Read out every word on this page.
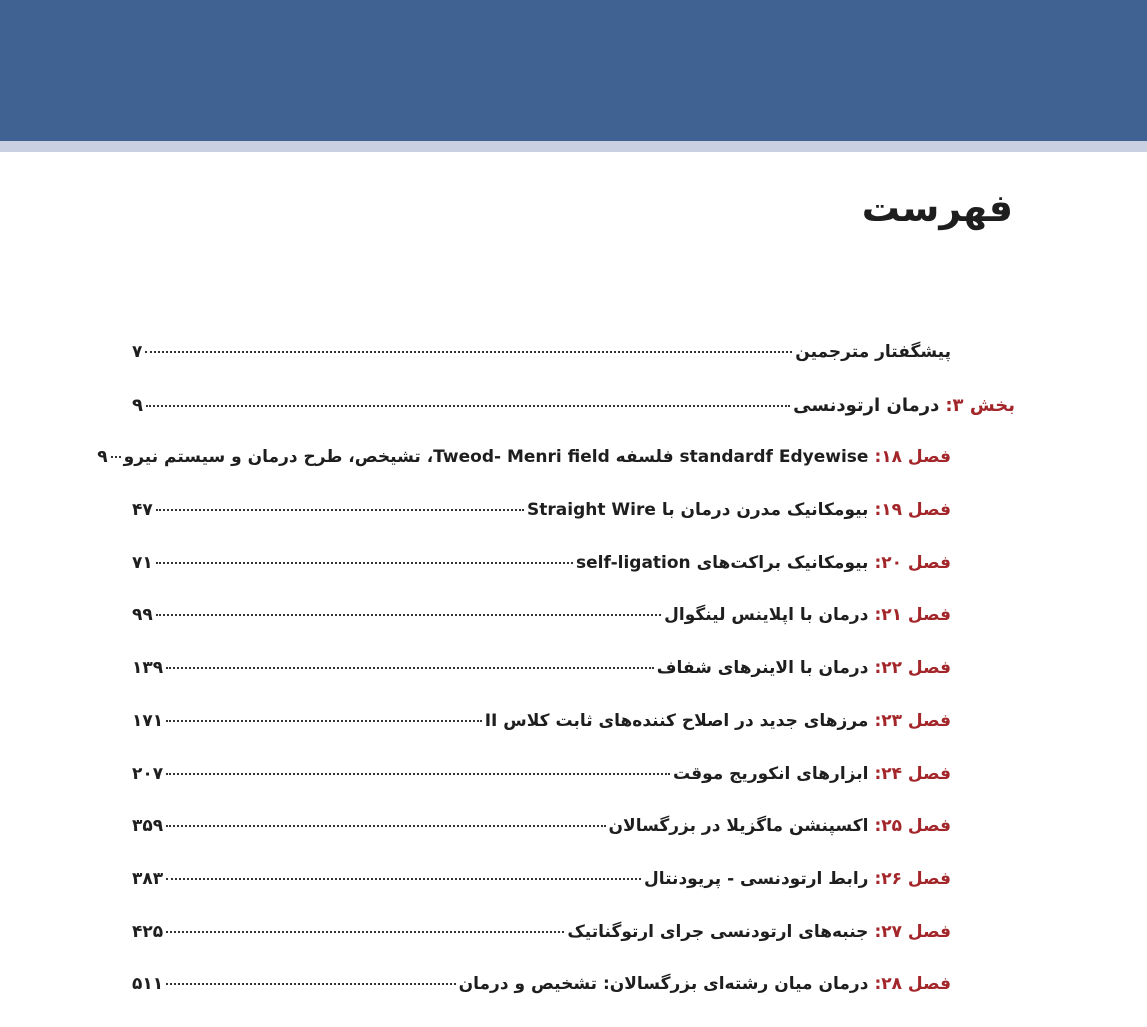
فهرست
پیشگفتار مترجمین
۷
بخش ۳
:
درمان ارتودنسی
۹
فصل ۱۸
:
standardf Edyewise فلسفه Tweod- Menri field، تشیخص، طرح درمان و سیستم نیرو
۹
فصل ۱۹
:
بیومکانیک مدرن درمان با Straight Wire
۴۷
فصل ۲۰
:
بیومکانیک براکت‌های self-ligation
۷۱
فصل ۲۱
:
درمان با اپلاینس لینگوال
۹۹
فصل ۲۲
:
درمان با الاینرهای شفاف
۱۳۹
فصل ۲۳
:
مرزهای جدید در اصلاح کننده‌های ثابت کلاس II
۱۷۱
فصل ۲۴
:
ابزارهای انکوریج موقت
۲۰۷
فصل ۲۵
:
اکسپنشن ماگزیلا در بزرگسالان
۳۵۹
فصل ۲۶
:
رابط ارتودنسی - پریودنتال
۳۸۳
فصل ۲۷
:
جنبه‌های ارتودنسی جرای ارتوگناتیک
۴۲۵
فصل ۲۸
:
درمان میان رشته‌ای بزرگسالان: تشخیص و درمان
۵۱۱
